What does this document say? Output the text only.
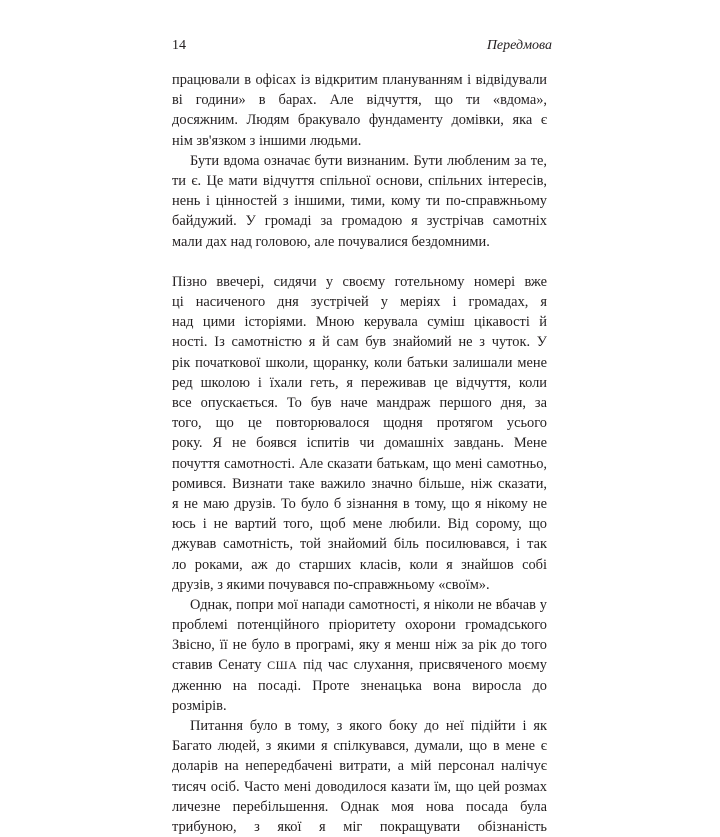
14	Передмова
працювали в офісах із відкритим плануванням і відвідували
ві години» в барах. Але відчуття, що ти «вдома»,
досяжним. Людям бракувало фундаменту домівки, яка є
нім зв'язком з іншими людьми.
Бути вдома означає бути визнаним. Бути любленим за те,
ти є. Це мати відчуття спільної основи, спільних інтересів,
нень і цінностей з іншими, тими, кому ти по-справжньому
байдужий. У громаді за громадою я зустрічав самотніх
мали дах над головою, але почувалися бездомними.
Пізно ввечері, сидячи у своєму готельному номері вже
ці насиченого дня зустрічей у меріях і громадах, я
над цими історіями. Мною керувала суміш цікавості й
ності. Із самотністю я й сам був знайомий не з чуток. У
рік початкової школи, щоранку, коли батьки залишали мене
ред школою і їхали геть, я переживав це відчуття, коли
все опускається. То був наче мандраж першого дня, за
того, що це повторювалося щодня протягом усього
року. Я не боявся іспитів чи домашніх завдань. Мене
почуття самотності. Але сказати батькам, що мені самотньо,
ромився. Визнати таке важило значно більше, ніж сказати,
я не маю друзів. То було б зізнання в тому, що я нікому не
юсь і не вартий того, щоб мене любили. Від сорому, що
джував самотність, той знайомий біль посилювався, і так
ло роками, аж до старших класів, коли я знайшов собі
друзів, з якими почувався по-справжньому «своїм».
Однак, попри мої напади самотності, я ніколи не вбачав у
проблемі потенційного пріоритету охорони громадського
Звісно, її не було в програмі, яку я менш ніж за рік до того
ставив Сенату США під час слухання, присвяченого моєму
дженню на посаді. Проте зненацька вона виросла до
розмірів.
Питання було в тому, з якого боку до неї підійти і як
Багато людей, з якими я спілкувався, думали, що в мене є
доларів на непередбачені витрати, а мій персонал налічує
тисяч осіб. Часто мені доводилося казати їм, що цей розмах
личезне перебільшення. Однак моя нова посада була
трибуною, з якої я міг покращувати обізнаність
